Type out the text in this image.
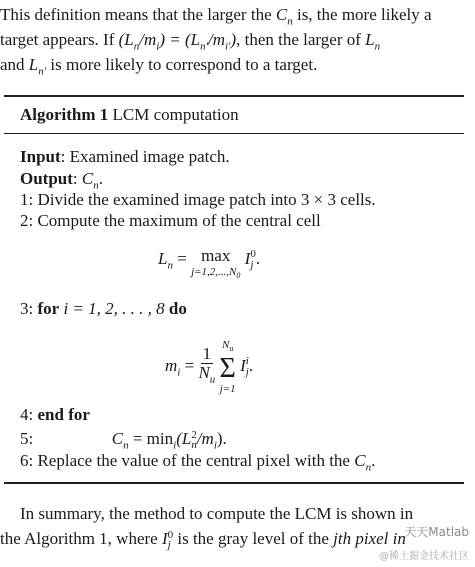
This definition means that the larger the $C_n$ is, the more likely a
target appears. If $(L_n/m_i) = (L_{n'}/m_{i'})$, then the larger of $L_n$
and $L_{n'}$ is more likely to correspond to a target.
Algorithm 1 LCM computation
Input: Examined image patch.
Output: $C_n$.
1: Divide the examined image patch into 3 × 3 cells.
2: Compute the maximum of the central cell
$L_n = \max$
$j=1,2,...,N_0$
I 0
j .
3: for i = 1, 2, . . . , 8 do
$m_i = \frac{1}{N_u}$

$N_u$
Σ
j=1
I i
j .
4: end for
5:	$C_n = \min_i(L$ 2
n $/m_i$).
6: Replace the value of the central pixel with the $C_n$.
In summary, the method to compute the LCM is shown in
the Algorithm 1, where I 0
j is the gray level of the jth pixel in
天天Matlab
@稀土掘金技术社区
